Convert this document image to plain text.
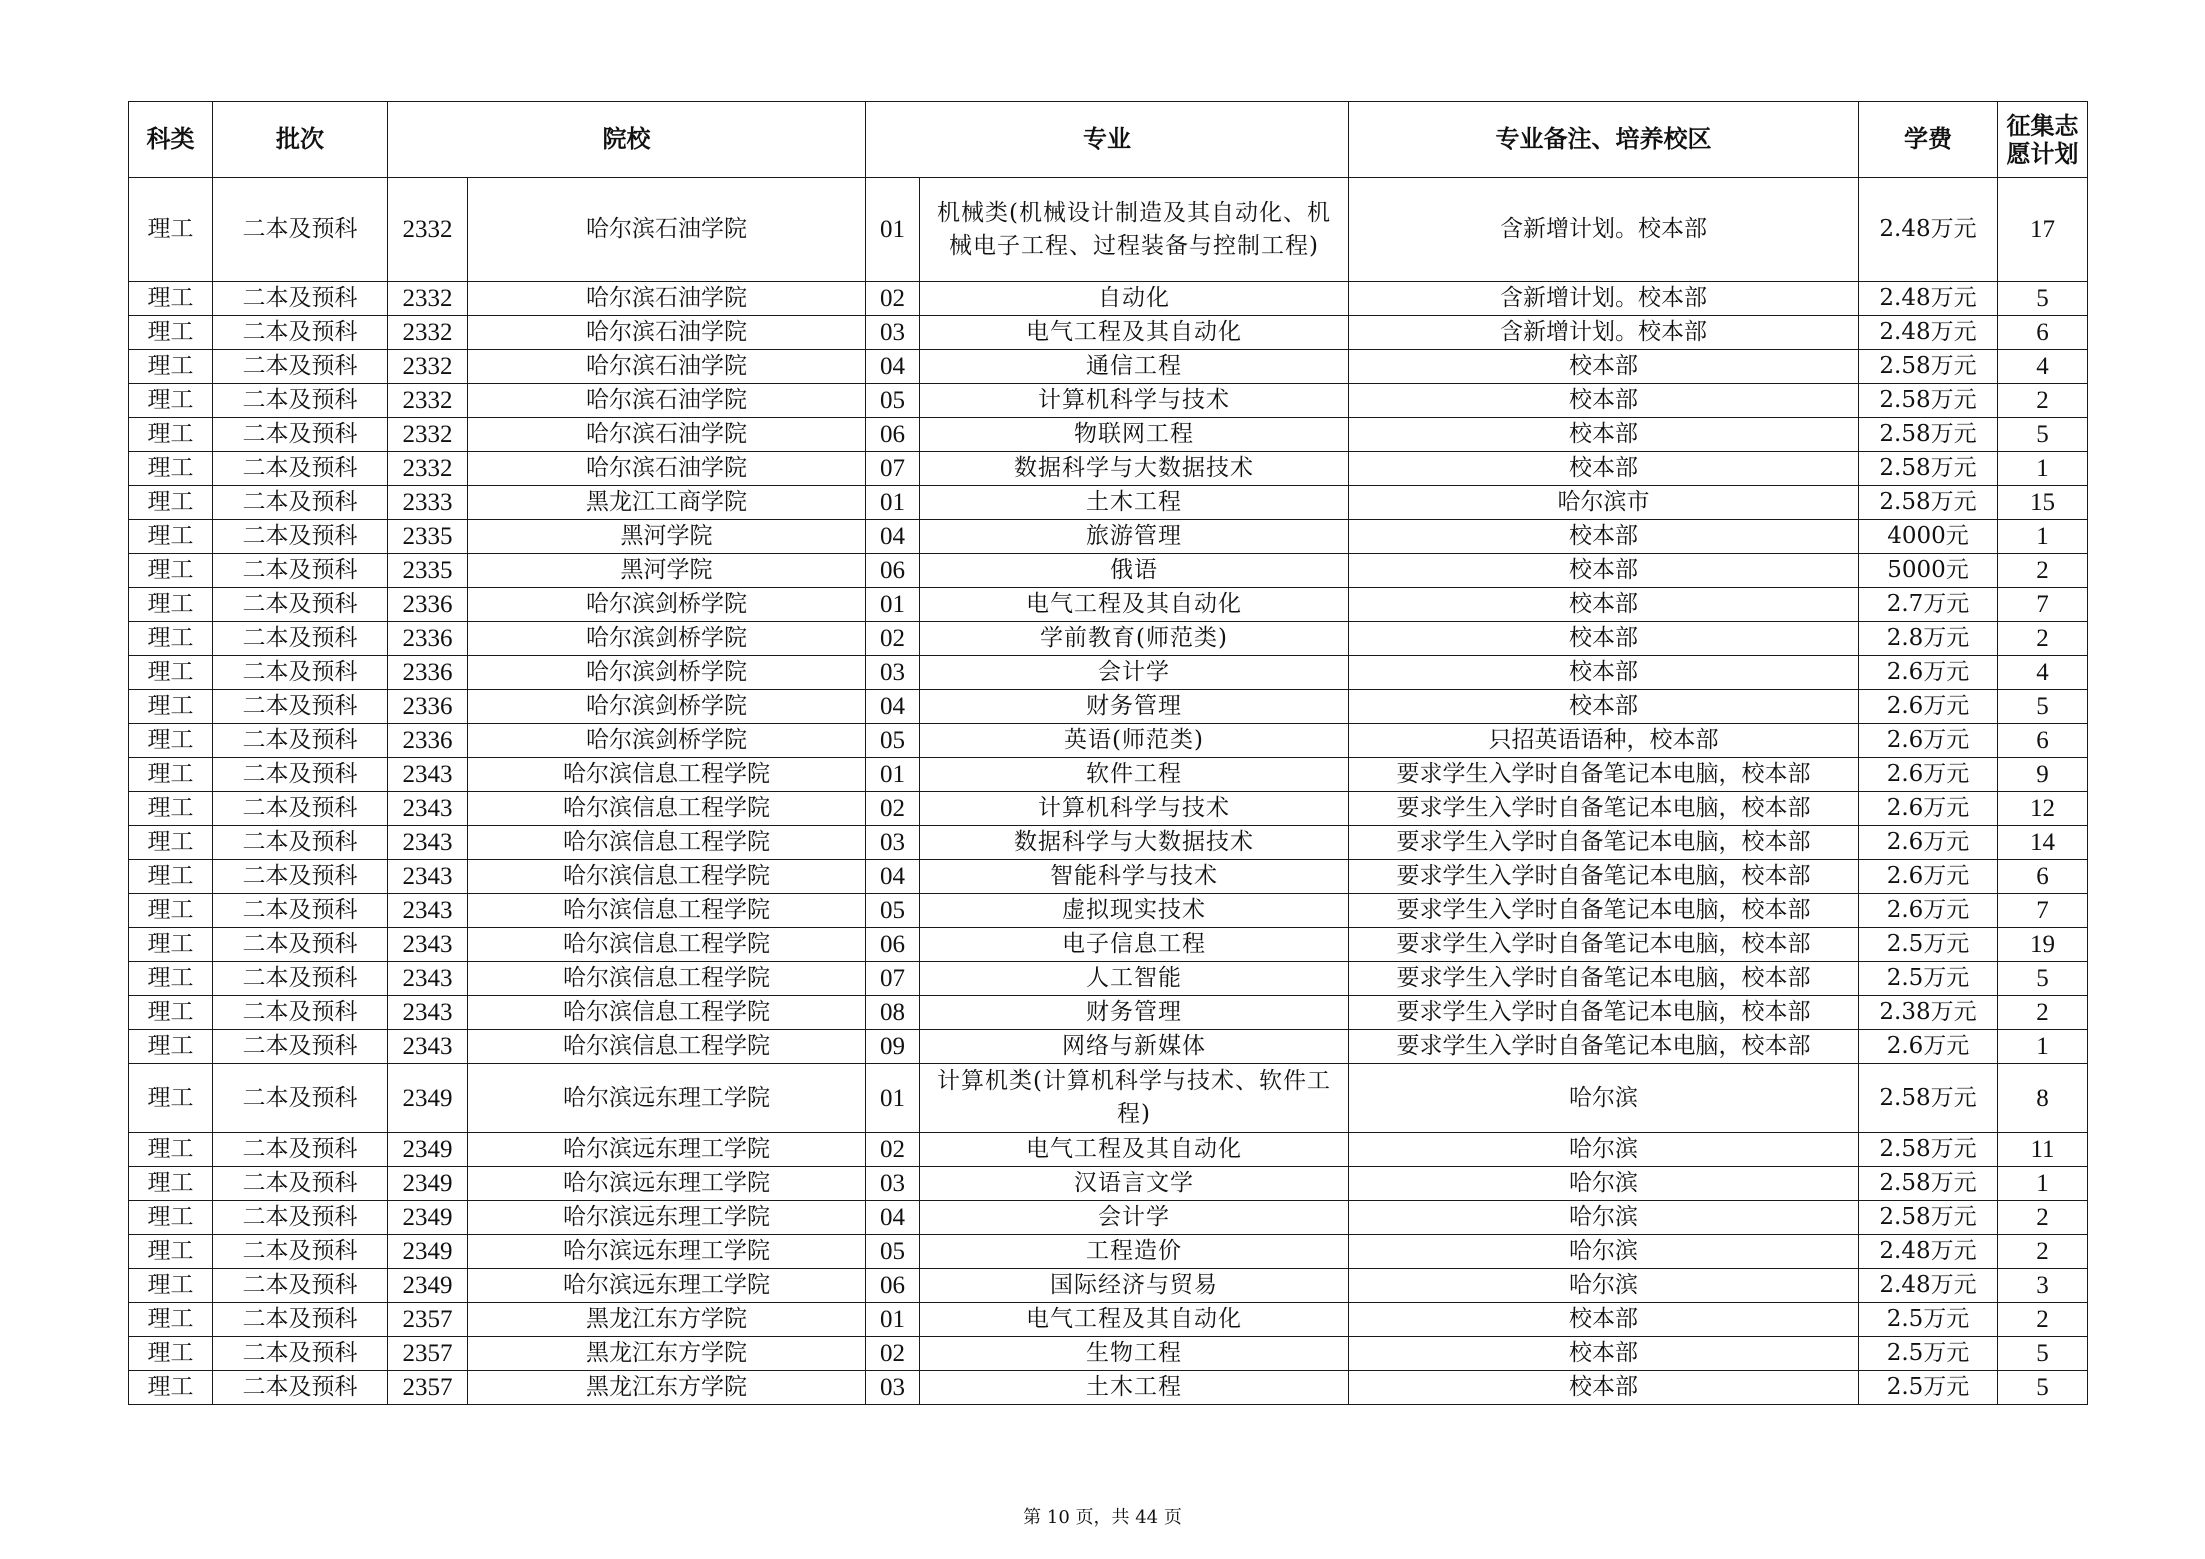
科类	批次	院校		专业		专业备注、培养校区	学费	征集志愿计划
理工	二本及预科	2332	哈尔滨石油学院	01	机械类(机械设计制造及其自动化、机械电子工程、过程装备与控制工程)	含新增计划。校本部	2.48万元	17
理工	二本及预科	2332	哈尔滨石油学院	02	自动化	含新增计划。校本部	2.48万元	5
理工	二本及预科	2332	哈尔滨石油学院	03	电气工程及其自动化	含新增计划。校本部	2.48万元	6
理工	二本及预科	2332	哈尔滨石油学院	04	通信工程	校本部	2.58万元	4
理工	二本及预科	2332	哈尔滨石油学院	05	计算机科学与技术	校本部	2.58万元	2
理工	二本及预科	2332	哈尔滨石油学院	06	物联网工程	校本部	2.58万元	5
理工	二本及预科	2332	哈尔滨石油学院	07	数据科学与大数据技术	校本部	2.58万元	1
理工	二本及预科	2333	黑龙江工商学院	01	土木工程	哈尔滨市	2.58万元	15
理工	二本及预科	2335	黑河学院	04	旅游管理	校本部	4000元	1
理工	二本及预科	2335	黑河学院	06	俄语	校本部	5000元	2
理工	二本及预科	2336	哈尔滨剑桥学院	01	电气工程及其自动化	校本部	2.7万元	7
理工	二本及预科	2336	哈尔滨剑桥学院	02	学前教育(师范类)	校本部	2.8万元	2
理工	二本及预科	2336	哈尔滨剑桥学院	03	会计学	校本部	2.6万元	4
理工	二本及预科	2336	哈尔滨剑桥学院	04	财务管理	校本部	2.6万元	5
理工	二本及预科	2336	哈尔滨剑桥学院	05	英语(师范类)	只招英语语种，校本部	2.6万元	6
理工	二本及预科	2343	哈尔滨信息工程学院	01	软件工程	要求学生入学时自备笔记本电脑，校本部	2.6万元	9
理工	二本及预科	2343	哈尔滨信息工程学院	02	计算机科学与技术	要求学生入学时自备笔记本电脑，校本部	2.6万元	12
理工	二本及预科	2343	哈尔滨信息工程学院	03	数据科学与大数据技术	要求学生入学时自备笔记本电脑，校本部	2.6万元	14
理工	二本及预科	2343	哈尔滨信息工程学院	04	智能科学与技术	要求学生入学时自备笔记本电脑，校本部	2.6万元	6
理工	二本及预科	2343	哈尔滨信息工程学院	05	虚拟现实技术	要求学生入学时自备笔记本电脑，校本部	2.6万元	7
理工	二本及预科	2343	哈尔滨信息工程学院	06	电子信息工程	要求学生入学时自备笔记本电脑，校本部	2.5万元	19
理工	二本及预科	2343	哈尔滨信息工程学院	07	人工智能	要求学生入学时自备笔记本电脑，校本部	2.5万元	5
理工	二本及预科	2343	哈尔滨信息工程学院	08	财务管理	要求学生入学时自备笔记本电脑，校本部	2.38万元	2
理工	二本及预科	2343	哈尔滨信息工程学院	09	网络与新媒体	要求学生入学时自备笔记本电脑，校本部	2.6万元	1
理工	二本及预科	2349	哈尔滨远东理工学院	01	计算机类(计算机科学与技术、软件工程)	哈尔滨	2.58万元	8
理工	二本及预科	2349	哈尔滨远东理工学院	02	电气工程及其自动化	哈尔滨	2.58万元	11
理工	二本及预科	2349	哈尔滨远东理工学院	03	汉语言文学	哈尔滨	2.58万元	1
理工	二本及预科	2349	哈尔滨远东理工学院	04	会计学	哈尔滨	2.58万元	2
理工	二本及预科	2349	哈尔滨远东理工学院	05	工程造价	哈尔滨	2.48万元	2
理工	二本及预科	2349	哈尔滨远东理工学院	06	国际经济与贸易	哈尔滨	2.48万元	3
理工	二本及预科	2357	黑龙江东方学院	01	电气工程及其自动化	校本部	2.5万元	2
理工	二本及预科	2357	黑龙江东方学院	02	生物工程	校本部	2.5万元	5
理工	二本及预科	2357	黑龙江东方学院	03	土木工程	校本部	2.5万元	5
第 10 页，共 44 页
